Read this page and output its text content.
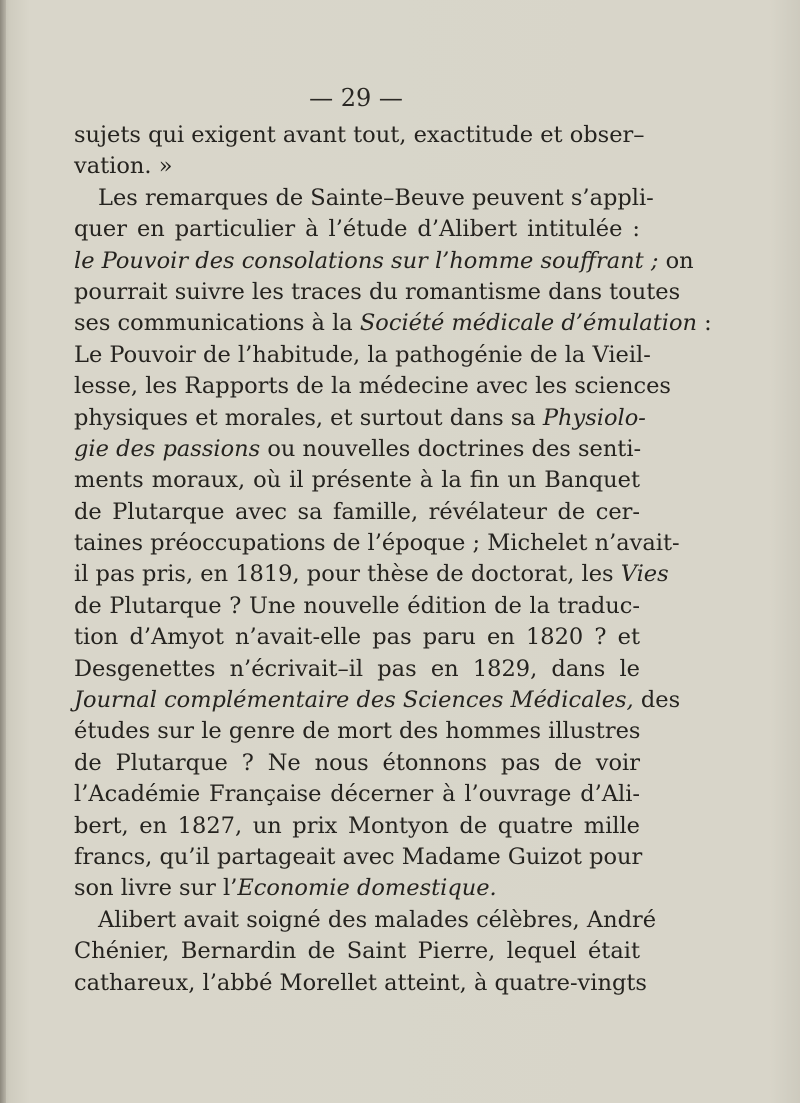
— 29 —
sujets qui exigent avant tout, exactitude et obser–
vation. »
Les remarques de Sainte–Beuve peuvent s’appli-
quer en particulier à l’étude d’Alibert intitulée :
le Pouvoir des consolations sur l’homme souffrant ; on
pourrait suivre les traces du romantisme dans toutes
ses communications à la Société médicale d’émulation :
Le Pouvoir de l’habitude, la pathogénie de la Vieil-
lesse, les Rapports de la médecine avec les sciences
physiques et morales, et surtout dans sa Physiolo-
gie des passions ou nouvelles doctrines des senti-
ments moraux, où il présente à la fin un Banquet
de Plutarque avec sa famille, révélateur de cer-
taines préoccupations de l’époque ; Michelet n’avait-
il pas pris, en 1819, pour thèse de doctorat, les Vies
de Plutarque ? Une nouvelle édition de la traduc-
tion d’Amyot n’avait-elle pas paru en 1820 ? et
Desgenettes n’écrivait–il pas en 1829, dans le
Journal complémentaire des Sciences Médicales, des
études sur le genre de mort des hommes illustres
de Plutarque ? Ne nous étonnons pas de voir
l’Académie Française décerner à l’ouvrage d’Ali-
bert, en 1827, un prix Montyon de quatre mille
francs, qu’il partageait avec Madame Guizot pour
son livre sur l’Economie domestique.
Alibert avait soigné des malades célèbres, André
Chénier, Bernardin de Saint Pierre, lequel était
cathareux, l’abbé Morellet atteint, à quatre-vingts
